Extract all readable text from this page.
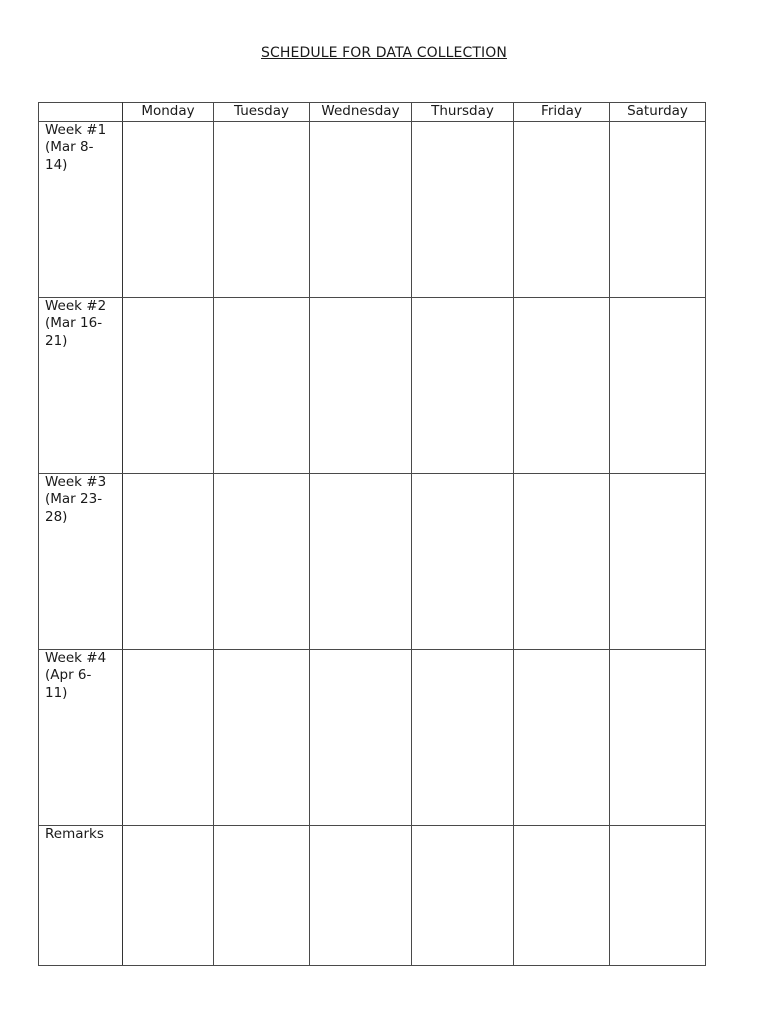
SCHEDULE FOR DATA COLLECTION
	Monday	Tuesday	Wednesday	Thursday	Friday	Saturday

Week #1
(Mar 8-
14)						

Week #2
(Mar 16-
21)						

Week #3
(Mar 23-
28)						

Week #4
(Apr 6-
11)						

Remarks						
